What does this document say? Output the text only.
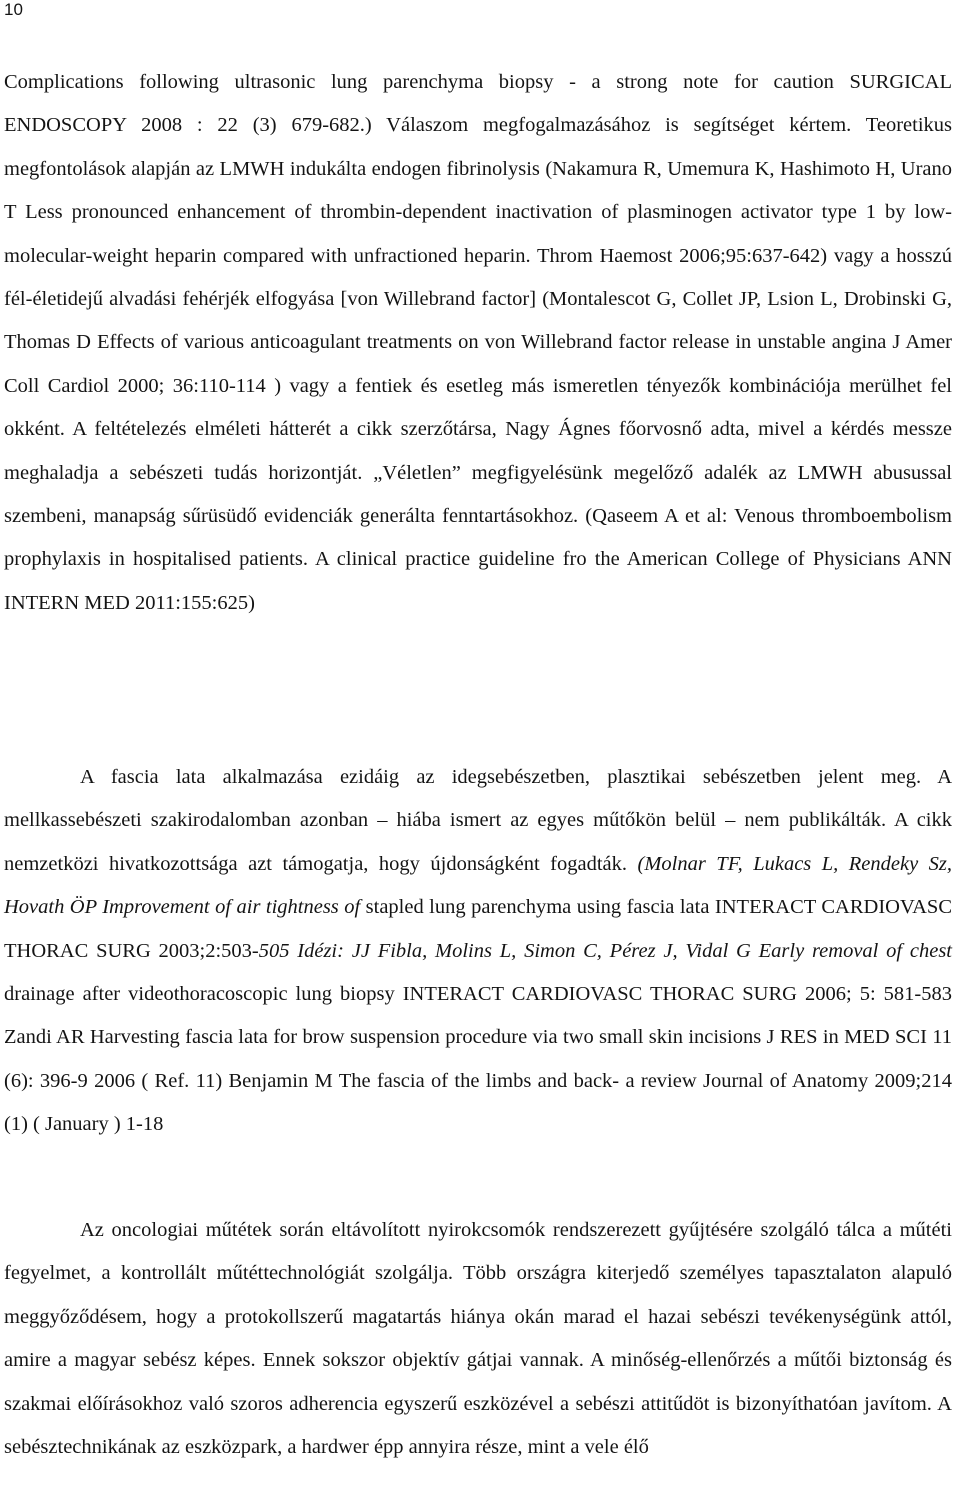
10
Complications following ultrasonic lung parenchyma biopsy - a strong note for caution SURGICAL ENDOSCOPY 2008 : 22 (3) 679-682.) Válaszom megfogalmazásához is segítséget kértem. Teoretikus megfontolások alapján az LMWH indukálta endogen fibrinolysis (Nakamura R, Umemura K, Hashimoto H, Urano T Less pronounced enhancement of thrombin-dependent inactivation of plasminogen activator type 1 by low-molecular-weight heparin compared with unfractioned heparin. Throm Haemost 2006;95:637-642) vagy a hosszú fél-életidejű alvadási fehérjék elfogyása [von Willebrand factor] (Montalescot G, Collet JP, Lsion L, Drobinski G, Thomas D Effects of various anticoagulant treatments on von Willebrand factor release in unstable angina J Amer Coll Cardiol 2000; 36:110-114 ) vagy a fentiek és esetleg más ismeretlen tényezők kombinációja merülhet fel okként. A feltételezés elméleti hátterét a cikk szerzőtársa, Nagy Ágnes főorvosnő adta, mivel a kérdés messze meghaladja a sebészeti tudás horizontját. „Véletlen” megfigyelésünk megelőző adalék az LMWH abusussal szembeni, manapság sűrüsüdő evidenciák generálta fenntartásokhoz. (Qaseem A et al: Venous thromboembolism prophylaxis in hospitalised patients. A clinical practice guideline fro the American College of Physicians ANN INTERN MED 2011:155:625)
A fascia lata alkalmazása ezidáig az idegsebészetben, plasztikai sebészetben jelent meg. A mellkassebészeti szakirodalomban azonban – hiába ismert az egyes műtőkön belül – nem publikálták. A cikk nemzetközi hivatkozottsága azt támogatja, hogy újdonságként fogadták. (Molnar TF, Lukacs L, Rendeky Sz, Hovath ÖP Improvement of air tightness of stapled lung parenchyma using fascia lata INTERACT CARDIOVASC THORAC SURG 2003;2:503-505 Idézi: JJ Fibla, Molins L, Simon C, Pérez J, Vidal G Early removal of chest drainage after videothoracoscopic lung biopsy INTERACT CARDIOVASC THORAC SURG 2006; 5: 581-583 Zandi AR Harvesting fascia lata for brow suspension procedure via two small skin incisions J RES in MED SCI 11 (6): 396-9 2006 ( Ref. 11) Benjamin M The fascia of the limbs and back- a review Journal of Anatomy 2009;214 (1) ( January ) 1-18
Az oncologiai műtétek során eltávolított nyirokcsomók rendszerezett gyűjtésére szolgáló tálca a műtéti fegyelmet, a kontrollált műtéttechnológiát szolgálja. Több országra kiterjedő személyes tapasztalaton alapuló meggyőződésem, hogy a protokollszerű magatartás hiánya okán marad el hazai sebészi tevékenységünk attól, amire a magyar sebész képes. Ennek sokszor objektív gátjai vannak. A minőség-ellenőrzés a műtői biztonság és szakmai előírásokhoz való szoros adherencia egyszerű eszközével a sebészi attitűdöt is bizonyíthatóan javítom. A sebésztechnikának az eszközpark, a hardwer épp annyira része, mint a vele élő
